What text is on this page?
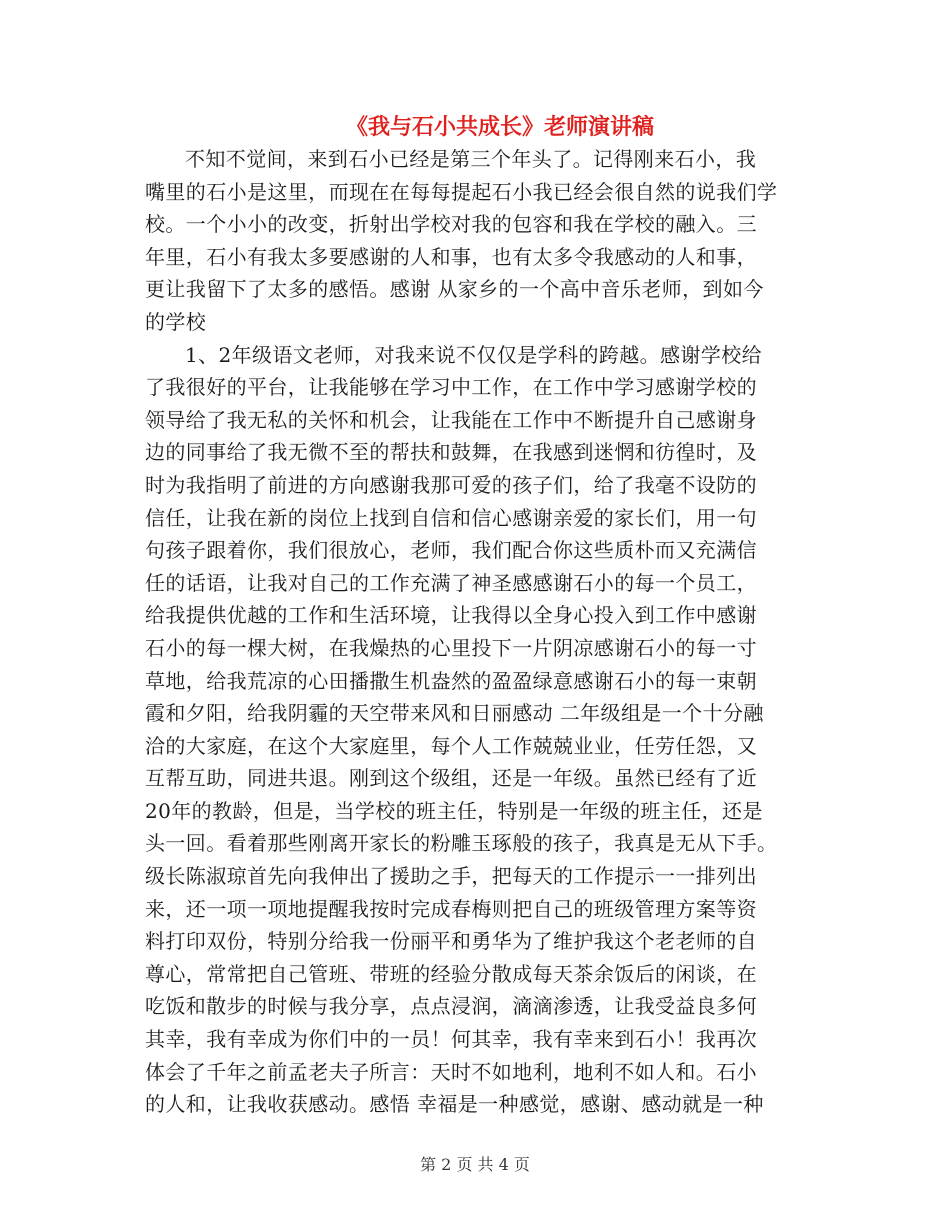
《我与石小共成长》老师演讲稿
不知不觉间，来到石小已经是第三个年头了。记得刚来石小，我
嘴里的石小是这里，而现在在每每提起石小我已经会很自然的说我们学
校。一个小小的改变，折射出学校对我的包容和我在学校的融入。三
年里，石小有我太多要感谢的人和事，也有太多令我感动的人和事，
更让我留下了太多的感悟。感谢 从家乡的一个高中音乐老师，到如今
的学校
1、2年级语文老师，对我来说不仅仅是学科的跨越。感谢学校给
了我很好的平台，让我能够在学习中工作，在工作中学习感谢学校的
领导给了我无私的关怀和机会，让我能在工作中不断提升自己感谢身
边的同事给了我无微不至的帮扶和鼓舞，在我感到迷惘和彷徨时，及
时为我指明了前进的方向感谢我那可爱的孩子们，给了我毫不设防的
信任，让我在新的岗位上找到自信和信心感谢亲爱的家长们，用一句
句孩子跟着你，我们很放心，老师，我们配合你这些质朴而又充满信
任的话语，让我对自己的工作充满了神圣感感谢石小的每一个员工，
给我提供优越的工作和生活环境，让我得以全身心投入到工作中感谢
石小的每一棵大树，在我燥热的心里投下一片阴凉感谢石小的每一寸
草地，给我荒凉的心田播撒生机盎然的盈盈绿意感谢石小的每一束朝
霞和夕阳，给我阴霾的天空带来风和日丽感动 二年级组是一个十分融
洽的大家庭，在这个大家庭里，每个人工作兢兢业业，任劳任怨，又
互帮互助，同进共退。刚到这个级组，还是一年级。虽然已经有了近
20年的教龄，但是，当学校的班主任，特别是一年级的班主任，还是
头一回。看着那些刚离开家长的粉雕玉琢般的孩子，我真是无从下手。
级长陈淑琼首先向我伸出了援助之手，把每天的工作提示一一排列出
来，还一项一项地提醒我按时完成春梅则把自己的班级管理方案等资
料打印双份，特别分给我一份丽平和勇华为了维护我这个老老师的自
尊心，常常把自己管班、带班的经验分散成每天茶余饭后的闲谈，在
吃饭和散步的时候与我分享，点点浸润，滴滴渗透，让我受益良多何
其幸，我有幸成为你们中的一员！何其幸，我有幸来到石小！我再次
体会了千年之前孟老夫子所言：天时不如地利，地利不如人和。石小
的人和，让我收获感动。感悟 幸福是一种感觉，感谢、感动就是一种
第 2 页 共 4 页
